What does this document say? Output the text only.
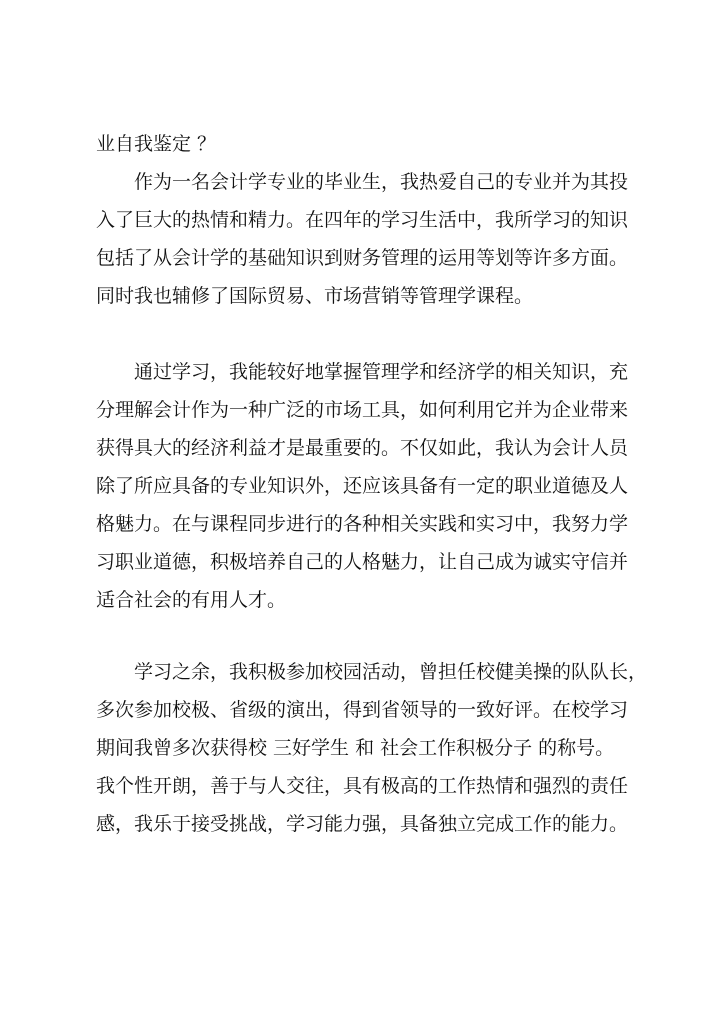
业自我鉴定 ？
作为一名会计学专业的毕业生，我热爱自己的专业并为其投
入了巨大的热情和精力。在四年的学习生活中，我所学习的知识
包括了从会计学的基础知识到财务管理的运用等划等许多方面。
同时我也辅修了国际贸易、市场营销等管理学课程。
通过学习，我能较好地掌握管理学和经济学的相关知识，充
分理解会计作为一种广泛的市场工具，如何利用它并为企业带来
获得具大的经济利益才是最重要的。不仅如此，我认为会计人员
除了所应具备的专业知识外，还应该具备有一定的职业道德及人
格魅力。在与课程同步进行的各种相关实践和实习中，我努力学
习职业道德，积极培养自己的人格魅力，让自己成为诚实守信并
适合社会的有用人才。
学习之余，我积极参加校园活动，曾担任校健美操的队队长，
多次参加校极、省级的演出，得到省领导的一致好评。在校学习
期间我曾多次获得校 三好学生 和 社会工作积极分子 的称号。
我个性开朗，善于与人交往，具有极高的工作热情和强烈的责任
感，我乐于接受挑战，学习能力强，具备独立完成工作的能力。
